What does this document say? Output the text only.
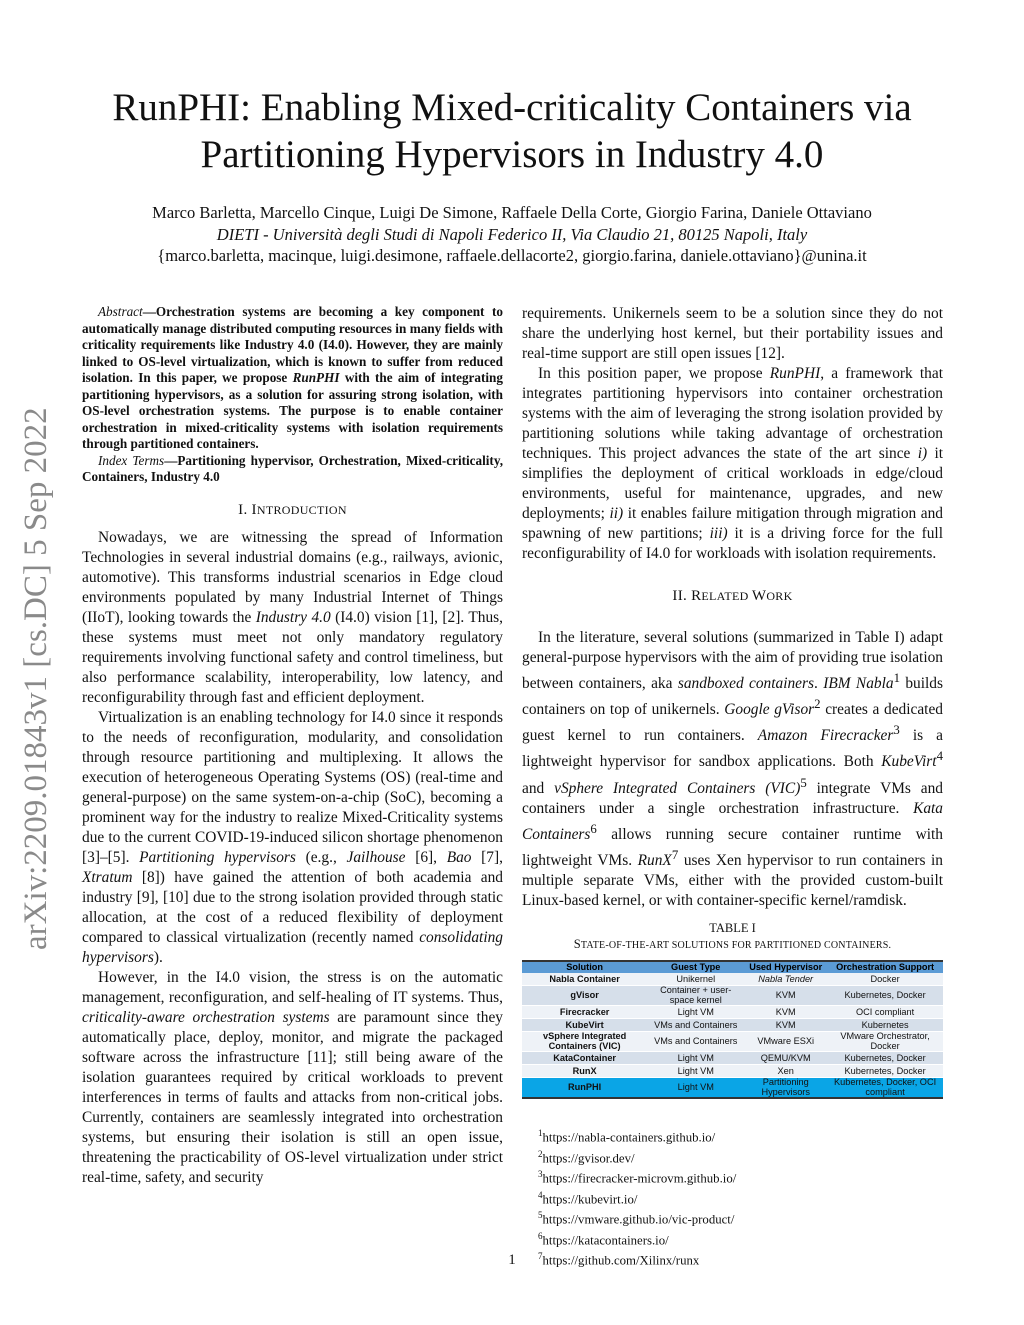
RunPHI: Enabling Mixed-criticality Containers via
Partitioning Hypervisors in Industry 4.0
Marco Barletta, Marcello Cinque, Luigi De Simone, Raffaele Della Corte, Giorgio Farina, Daniele Ottaviano
DIETI - Università degli Studi di Napoli Federico II, Via Claudio 21, 80125 Napoli, Italy
{marco.barletta, macinque, luigi.desimone, raffaele.dellacorte2, giorgio.farina, daniele.ottaviano}@unina.it
arXiv:2209.01843v1 [cs.DC] 5 Sep 2022

Abstract—Orchestration systems are becoming a key component to automatically manage distributed computing resources in many fields with criticality requirements like Industry 4.0 (I4.0). However, they are mainly linked to OS-level virtualization, which is known to suffer from reduced isolation. In this paper, we propose RunPHI with the aim of integrating partitioning hypervisors, as a solution for assuring strong isolation, with OS-level orchestration systems. The purpose is to enable container orchestration in mixed-criticality systems with isolation requirements through partitioned containers.

Index Terms—Partitioning hypervisor, Orchestration, Mixed-criticality, Containers, Industry 4.0

I. INTRODUCTION

Nowadays, we are witnessing the spread of Information Technologies in several industrial domains (e.g., railways, avionic, automotive). This transforms industrial scenarios in Edge cloud environments populated by many Industrial Internet of Things (IIoT), looking towards the Industry 4.0 (I4.0) vision [1], [2]. Thus, these systems must meet not only mandatory regulatory requirements involving functional safety and control timeliness, but also performance scalability, interoperability, low latency, and reconfigurability through fast and efficient deployment.

Virtualization is an enabling technology for I4.0 since it responds to the needs of reconfiguration, modularity, and consolidation through resource partitioning and multiplexing. It allows the execution of heterogeneous Operating Systems (OS) (real-time and general-purpose) on the same system-on-a-chip (SoC), becoming a prominent way for the industry to realize Mixed-Criticality systems due to the current COVID-19-induced silicon shortage phenomenon [3]–[5]. Partitioning hypervisors (e.g., Jailhouse [6], Bao [7], Xtratum [8]) have gained the attention of both academia and industry [9], [10] due to the strong isolation provided through static allocation, at the cost of a reduced flexibility of deployment compared to classical virtualization (recently named consolidating hypervisors).

However, in the I4.0 vision, the stress is on the automatic management, reconfiguration, and self-healing of IT systems. Thus, criticality-aware orchestration systems are paramount since they automatically place, deploy, monitor, and migrate the packaged software across the infrastructure [11]; still being aware of the isolation guarantees required by critical workloads to prevent interferences in terms of faults and attacks from non-critical jobs. Currently, containers are seamlessly integrated into orchestration systems, but ensuring their isolation is still an open issue, threatening the practicability of OS-level virtualization under strict real-time, safety, and security

requirements. Unikernels seem to be a solution since they do not share the underlying host kernel, but their portability issues and real-time support are still open issues [12].

In this position paper, we propose RunPHI, a framework that integrates partitioning hypervisors into container orchestration systems with the aim of leveraging the strong isolation provided by partitioning solutions while taking advantage of orchestration techniques. This project advances the state of the art since i) it simplifies the deployment of critical workloads in edge/cloud environments, useful for maintenance, upgrades, and new deployments; ii) it enables failure mitigation through migration and spawning of new partitions; iii) it is a driving force for the full reconfigurability of I4.0 for workloads with isolation requirements.

II. RELATED WORK

In the literature, several solutions (summarized in Table I) adapt general-purpose hypervisors with the aim of providing true isolation between containers, aka sandboxed containers. IBM Nabla$^1$ builds containers on top of unikernels. Google gVisor$^2$ creates a dedicated guest kernel to run containers. Amazon Firecracker$^3$ is a lightweight hypervisor for sandbox applications. Both KubeVirt$^4$ and vSphere Integrated Containers (VIC)$^5$ integrate VMs and containers under a single orchestration infrastructure. Kata Containers$^6$ allows running secure container runtime with lightweight VMs. RunX$^7$ uses Xen hypervisor to run containers in multiple separate VMs, either with the provided custom-built Linux-based kernel, or with container-specific kernel/ramdisk.

TABLE I
STATE-OF-THE-ART SOLUTIONS FOR PARTITIONED CONTAINERS.
Solution	Guest Type	Used Hypervisor	Orchestration Support
Nabla Container	Unikernel	Nabla Tender	Docker
gVisor	Container + user-space kernel	KVM	Kubernetes, Docker
Firecracker	Light VM	KVM	OCI compliant
KubeVirt	VMs and Containers	KVM	Kubernetes
vSphere Integrated Containers (VIC)	VMs and Containers	VMware ESXi	VMware Orchestrator, Docker
KataContainer	Light VM	QEMU/KVM	Kubernetes, Docker
RunX	Light VM	Xen	Kubernetes, Docker
RunPHI	Light VM	Partitioning Hypervisors	Kubernetes, Docker, OCI compliant

$^1$https://nabla-containers.github.io/

$^2$https://gvisor.dev/

$^3$https://firecracker-microvm.github.io/

$^4$https://kubevirt.io/

$^5$https://vmware.github.io/vic-product/

$^6$https://katacontainers.io/

$^7$https://github.com/Xilinx/runx

1
